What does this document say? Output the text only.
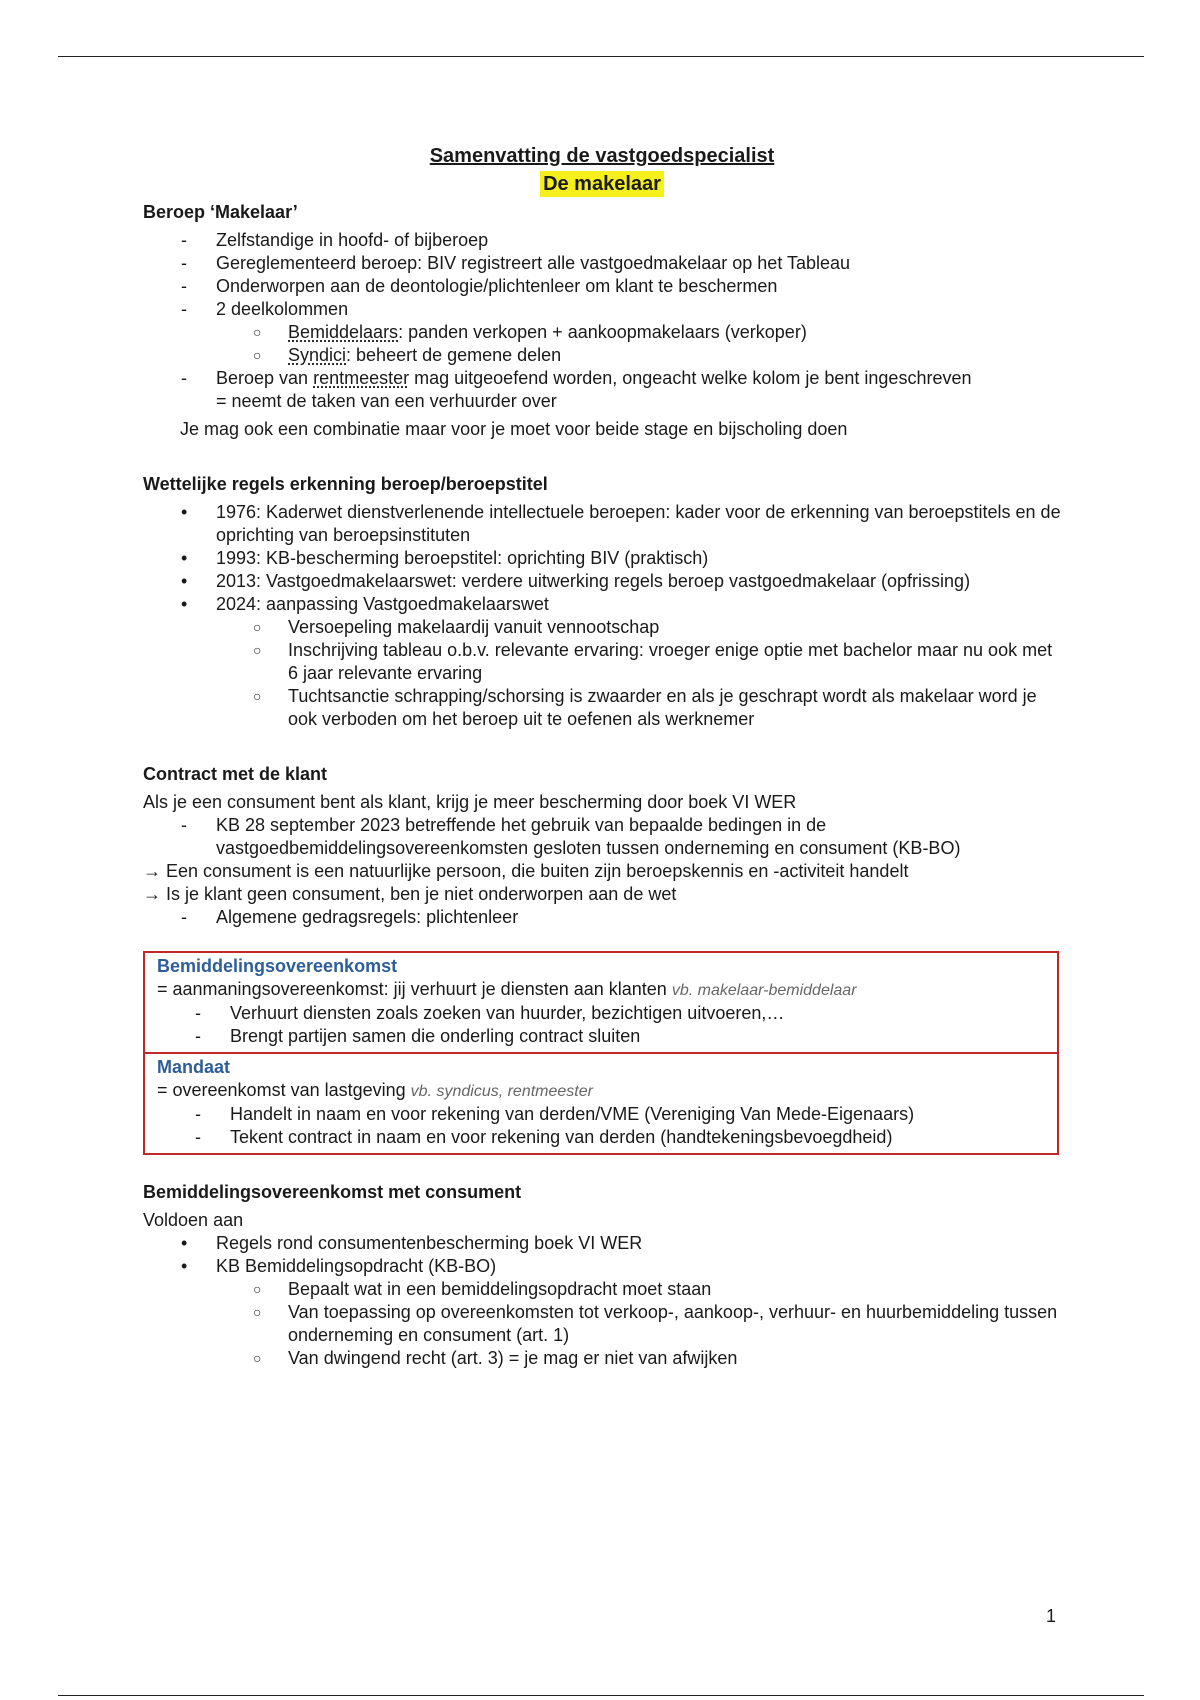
Samenvatting de vastgoedspecialist

De makelaar
Beroep ‘Makelaar’
- Zelfstandige in hoofd- of bijberoep
- Gereglementeerd beroep: BIV registreert alle vastgoedmakelaar op het Tableau
- Onderworpen aan de deontologie/plichtenleer om klant te beschermen
- 2 deelkolommen
○ Bemiddelaars: panden verkopen + aankoopmakelaars (verkoper)
○ Syndici: beheert de gemene delen
- Beroep van rentmeester mag uitgeoefend worden, ongeacht welke kolom je bent ingeschreven
= neemt de taken van een verhuurder over

Je mag ook een combinatie maar voor je moet voor beide stage en bijscholing doen

Wettelijke regels erkenning beroep/beroepstitel
• 1976: Kaderwet dienstverlenende intellectuele beroepen: kader voor de erkenning van beroepstitels en de oprichting van beroepsinstituten
• 1993: KB-bescherming beroepstitel: oprichting BIV (praktisch)
• 2013: Vastgoedmakelaarswet: verdere uitwerking regels beroep vastgoedmakelaar (opfrissing)
• 2024: aanpassing Vastgoedmakelaarswet
○ Versoepeling makelaardij vanuit vennootschap
○ Inschrijving tableau o.b.v. relevante ervaring: vroeger enige optie met bachelor maar nu ook met 6 jaar relevante ervaring
○ Tuchtsanctie schrapping/schorsing is zwaarder en als je geschrapt wordt als makelaar word je ook verboden om het beroep uit te oefenen als werknemer
Contract met de klant

Als je een consument bent als klant, krijg je meer bescherming door boek VI WER

- KB 28 september 2023 betreffende het gebruik van bepaalde bedingen in de vastgoedbemiddelingsovereenkomsten gesloten tussen onderneming en consument (KB-BO)

→ Een consument is een natuurlijke persoon, die buiten zijn beroepskennis en -activiteit handelt

→ Is je klant geen consument, ben je niet onderworpen aan de wet

- Algemene gedragsregels: plichtenleer
Bemiddelingsovereenkomst

= aanmaningsovereenkomst: jij verhuurt je diensten aan klanten vb. makelaar-bemiddelaar

- Verhuurt diensten zoals zoeken van huurder, bezichtigen uitvoeren,…
- Brengt partijen samen die onderling contract sluiten
Mandaat

= overeenkomst van lastgeving vb. syndicus, rentmeester

- Handelt in naam en voor rekening van derden/VME (Vereniging Van Mede-Eigenaars)
- Tekent contract in naam en voor rekening van derden (handtekeningsbevoegdheid)
Bemiddelingsovereenkomst met consument

Voldoen aan

• Regels rond consumentenbescherming boek VI WER
• KB Bemiddelingsopdracht (KB-BO)
○ Bepaalt wat in een bemiddelingsopdracht moet staan
○ Van toepassing op overeenkomsten tot verkoop-, aankoop-, verhuur- en huurbemiddeling tussen onderneming en consument (art. 1)
○ Van dwingend recht (art. 3) = je mag er niet van afwijken
1
